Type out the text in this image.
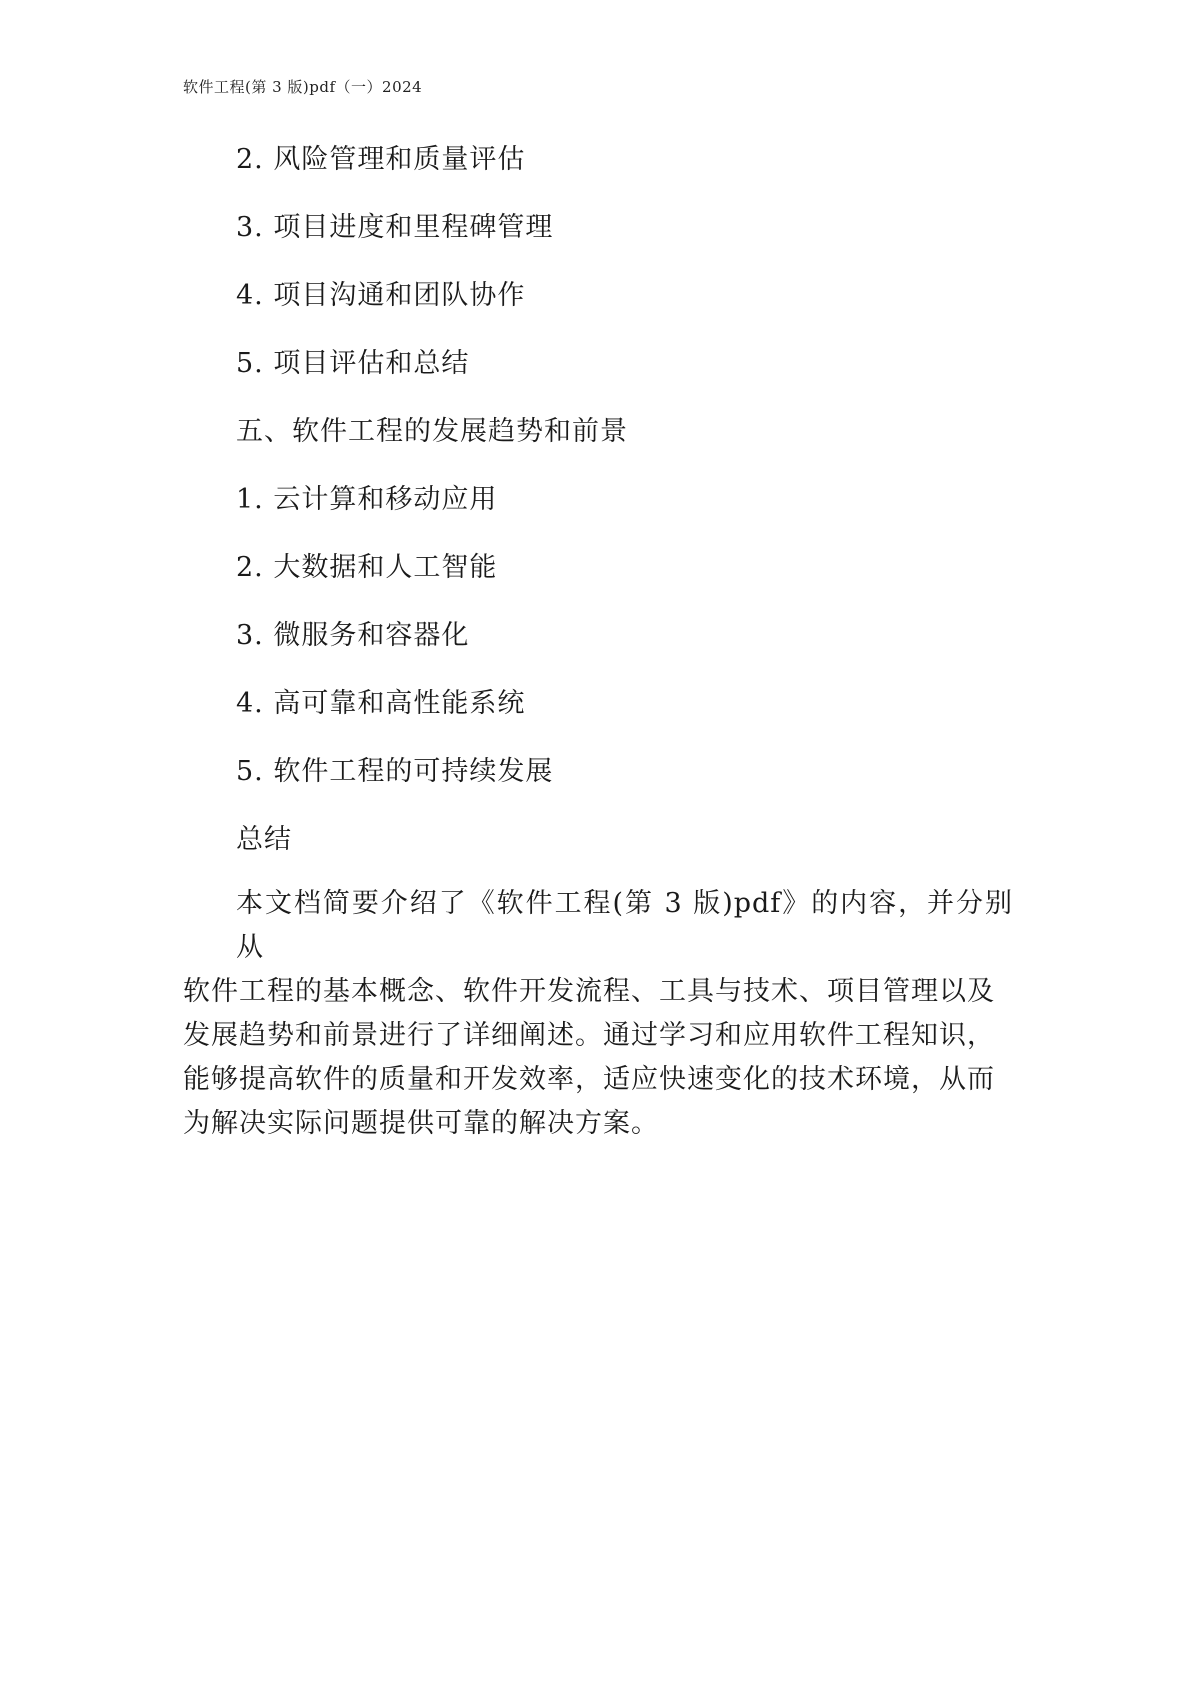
软件工程(第 3 版)pdf（一）2024

2. 风险管理和质量评估

3. 项目进度和里程碑管理

4. 项目沟通和团队协作

5. 项目评估和总结

五、软件工程的发展趋势和前景

1. 云计算和移动应用

2. 大数据和人工智能

3. 微服务和容器化

4. 高可靠和高性能系统

5. 软件工程的可持续发展

总结

本文档简要介绍了《软件工程(第 3 版)pdf》的内容，并分别从
软件工程的基本概念、软件开发流程、工具与技术、项目管理以及
发展趋势和前景进行了详细阐述。通过学习和应用软件工程知识，
能够提高软件的质量和开发效率，适应快速变化的技术环境，从而
为解决实际问题提供可靠的解决方案。
